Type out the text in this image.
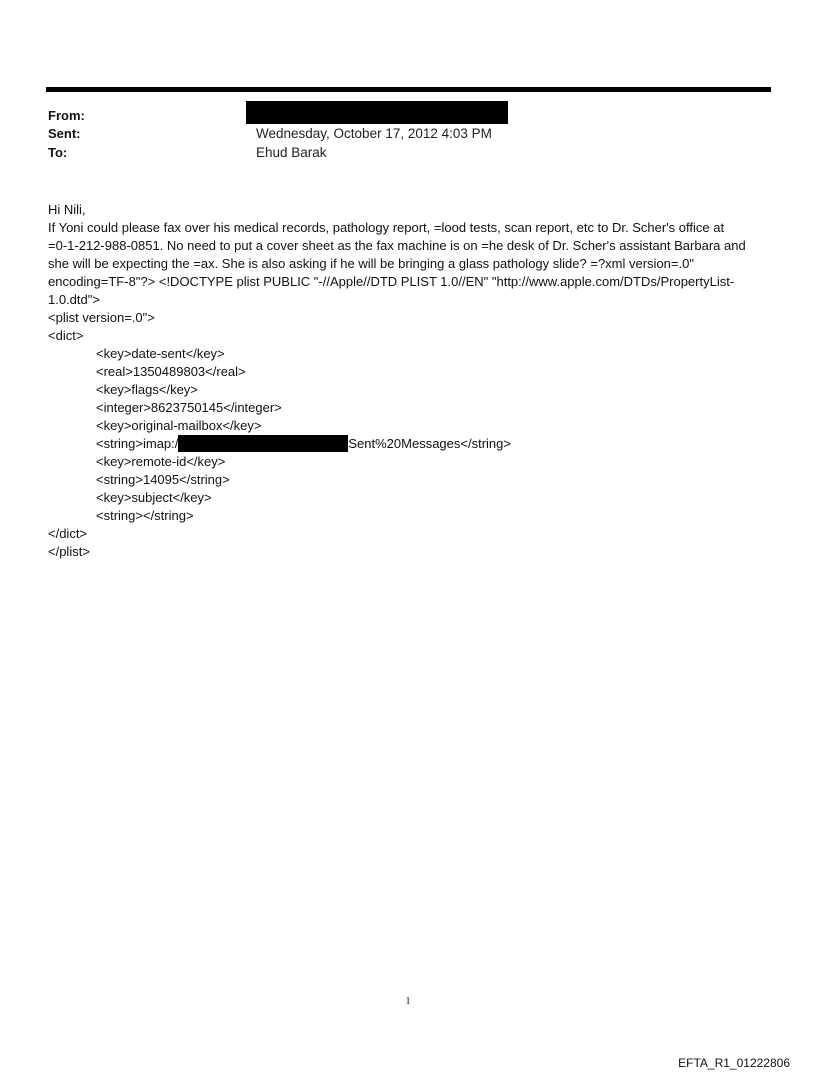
From:
Sent:	Wednesday, October 17, 2012 4:03 PM
To:	Ehud Barak
Hi Nili,
If Yoni could please fax over his medical records, pathology report, =lood tests, scan report, etc to Dr. Scher's office at
=0-1-212-988-0851. No need to put a cover sheet as the fax machine is on =he desk of Dr. Scher's assistant Barbara and
she will be expecting the =ax. She is also asking if he will be bringing a glass pathology slide? =?xml version=.0"
encoding=TF-8"?> <!DOCTYPE plist PUBLIC "-//Apple//DTD PLIST 1.0//EN" "http://www.apple.com/DTDs/PropertyList-
1.0.dtd">
<plist version=.0">
<dict>
<key>date-sent</key>
<real>1350489803</real>
<key>flags</key>
<integer>8623750145</integer>
<key>original-mailbox</key>
<string>imap:/	Sent%20Messages</string>
<key>remote-id</key>
<string>14095</string>
<key>subject</key>
<string></string>
</dict>
</plist>
1
EFTA_R1_01222806
